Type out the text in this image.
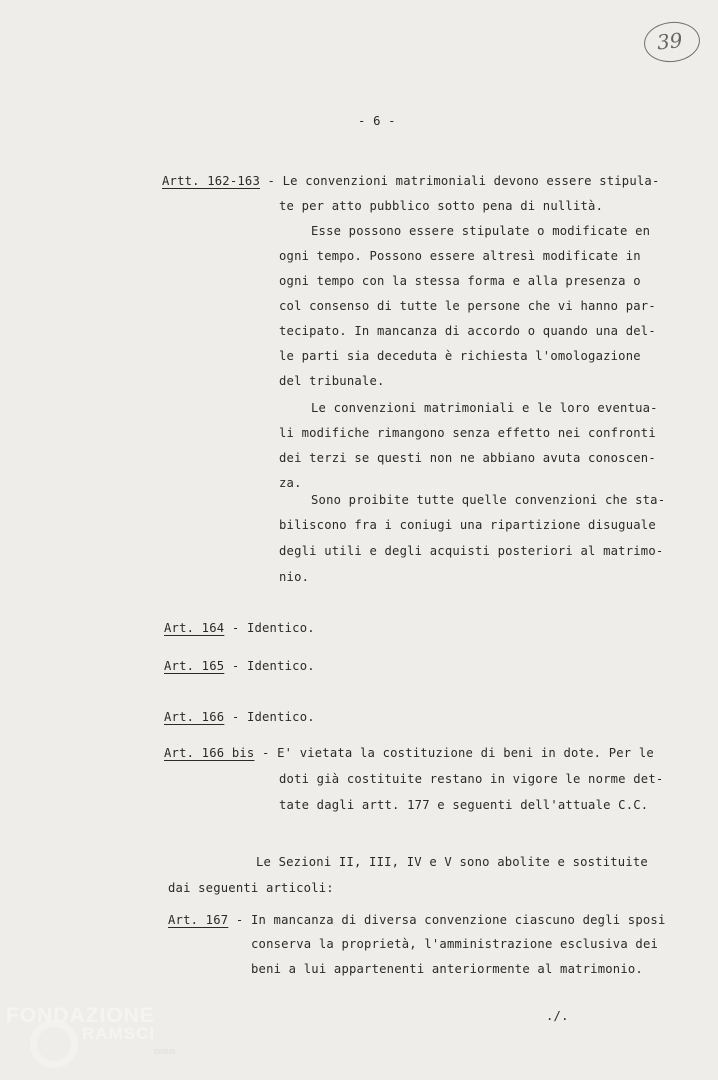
39
- 6 -
Artt. 162-163 - Le convenzioni matrimoniali devono essere stipula-
te per atto pubblico sotto pena di nullità.
Esse possono essere stipulate o modificate en
ogni tempo. Possono essere altresì modificate in
ogni tempo con la stessa forma e alla presenza o
col consenso di tutte le persone che vi hanno par-
tecipato. In mancanza di accordo o quando una del-
le parti sia deceduta è richiesta l'omologazione
del tribunale.
Le convenzioni matrimoniali e le loro eventua-
li modifiche rimangono senza effetto nei confronti
dei terzi se questi non ne abbiano avuta conoscen-
za.
Sono proibite tutte quelle convenzioni che sta-
biliscono fra i coniugi una ripartizione disuguale
degli utili e degli acquisti posteriori al matrimo-
nio.
Art. 164 - Identico.
Art. 165 - Identico.
Art. 166 - Identico.
Art. 166 bis - E' vietata la costituzione di beni in dote. Per le
doti già costituite restano in vigore le norme det-
tate dagli artt. 177 e seguenti dell'attuale C.C.
Le Sezioni II, III, IV e V sono abolite e sostituite
dai seguenti articoli:
Art. 167 - In mancanza di diversa convenzione ciascuno degli sposi
conserva la proprietà, l'amministrazione esclusiva dei
beni a lui appartenenti anteriormente al matrimonio.
./.
FONDAZIONE
RAMSCI
onlus
